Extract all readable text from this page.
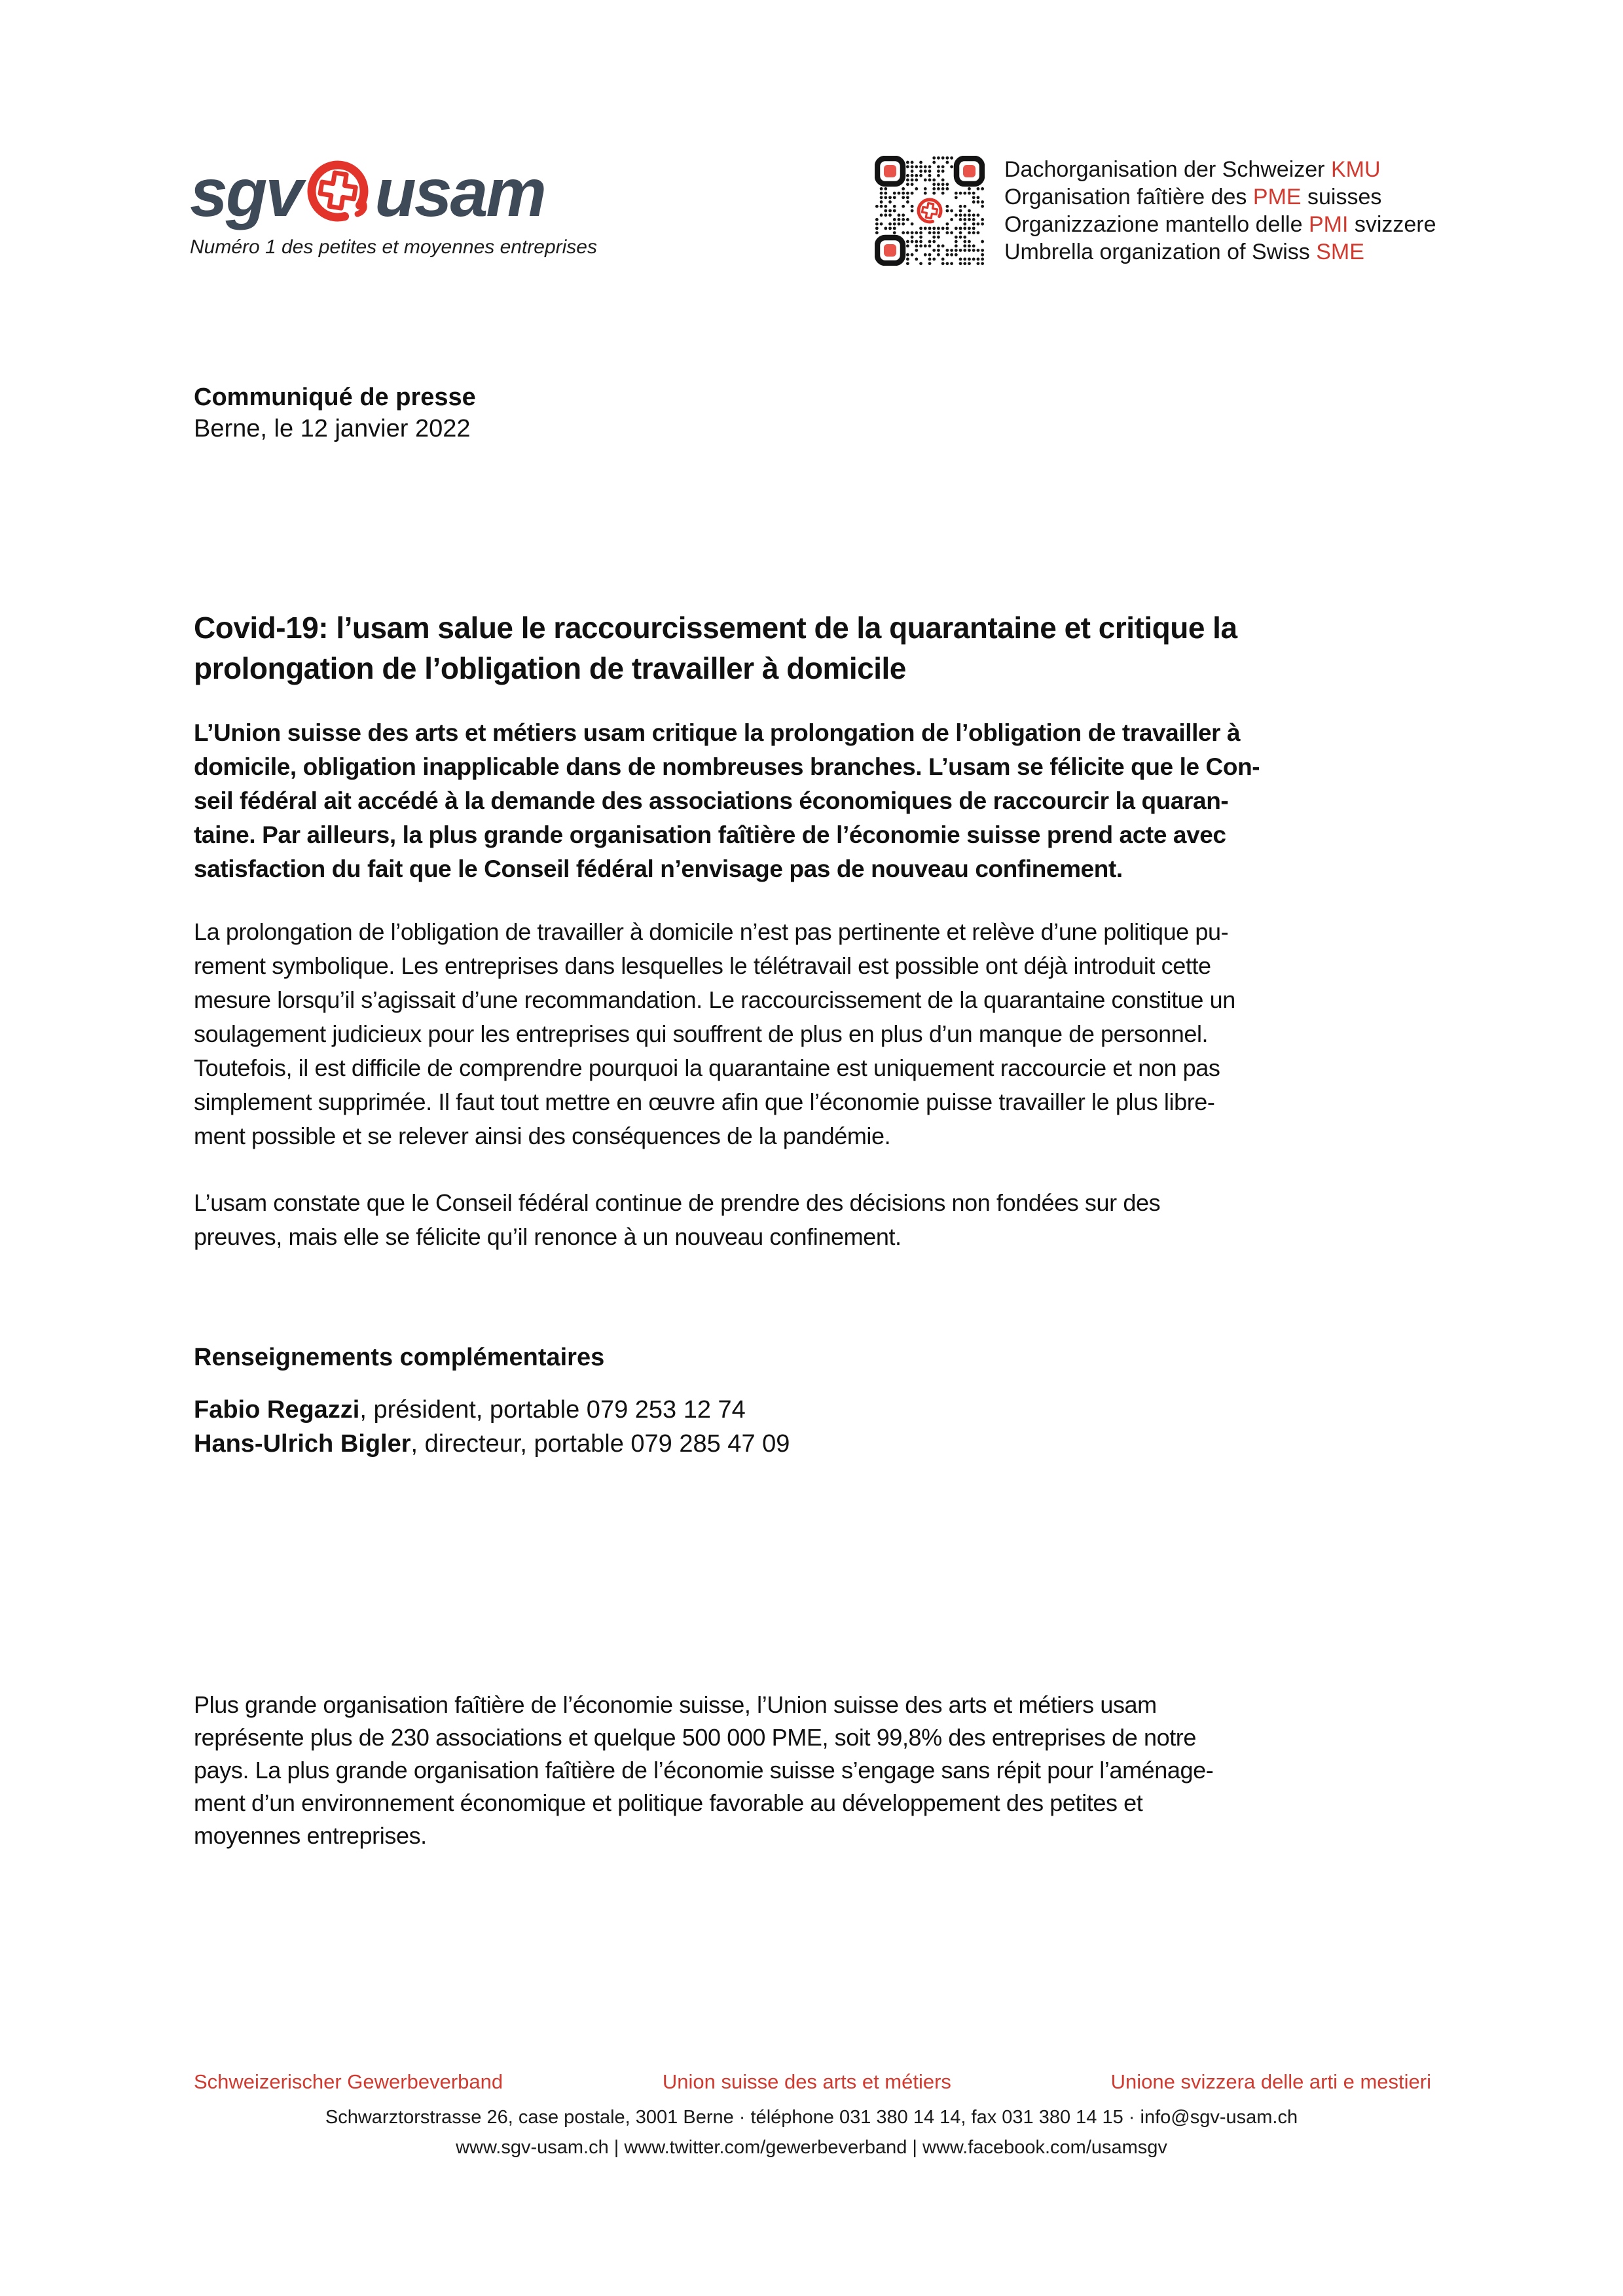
sgv usam
Numéro 1 des petites et moyennes entreprises
Dachorganisation der Schweizer KMU
Organisation faîtière des PME suisses
Organizzazione mantello delle PMI svizzere
Umbrella organization of Swiss SME
Communiqué de presse
Berne, le 12 janvier 2022
Covid-19: l’usam salue le raccourcissement de la quarantaine et critique la
prolongation de l’obligation de travailler à domicile
L’Union suisse des arts et métiers usam critique la prolongation de l’obligation de travailler à
domicile, obligation inapplicable dans de nombreuses branches. L’usam se félicite que le Con-
seil fédéral ait accédé à la demande des associations économiques de raccourcir la quaran-
taine. Par ailleurs, la plus grande organisation faîtière de l’économie suisse prend acte avec
satisfaction du fait que le Conseil fédéral n’envisage pas de nouveau confinement.
La prolongation de l’obligation de travailler à domicile n’est pas pertinente et relève d’une politique pu-
rement symbolique. Les entreprises dans lesquelles le télétravail est possible ont déjà introduit cette
mesure lorsqu’il s’agissait d’une recommandation. Le raccourcissement de la quarantaine constitue un
soulagement judicieux pour les entreprises qui souffrent de plus en plus d’un manque de personnel.
Toutefois, il est difficile de comprendre pourquoi la quarantaine est uniquement raccourcie et non pas
simplement supprimée. Il faut tout mettre en œuvre afin que l’économie puisse travailler le plus libre-
ment possible et se relever ainsi des conséquences de la pandémie.
L’usam constate que le Conseil fédéral continue de prendre des décisions non fondées sur des
preuves, mais elle se félicite qu’il renonce à un nouveau confinement.
Renseignements complémentaires
Fabio Regazzi, président, portable 079 253 12 74
Hans-Ulrich Bigler, directeur, portable 079 285 47 09
Plus grande organisation faîtière de l’économie suisse, l’Union suisse des arts et métiers usam
représente plus de 230 associations et quelque 500 000 PME, soit 99,8% des entreprises de notre
pays. La plus grande organisation faîtière de l’économie suisse s’engage sans répit pour l’aménage-
ment d’un environnement économique et politique favorable au développement des petites et
moyennes entreprises.
Schweizerischer Gewerbeverband	Union suisse des arts et métiers	Unione svizzera delle arti e mestieri
Schwarztorstrasse 26, case postale, 3001 Berne · téléphone 031 380 14 14, fax 031 380 14 15 · info@sgv-usam.ch
www.sgv-usam.ch | www.twitter.com/gewerbeverband | www.facebook.com/usamsgv
